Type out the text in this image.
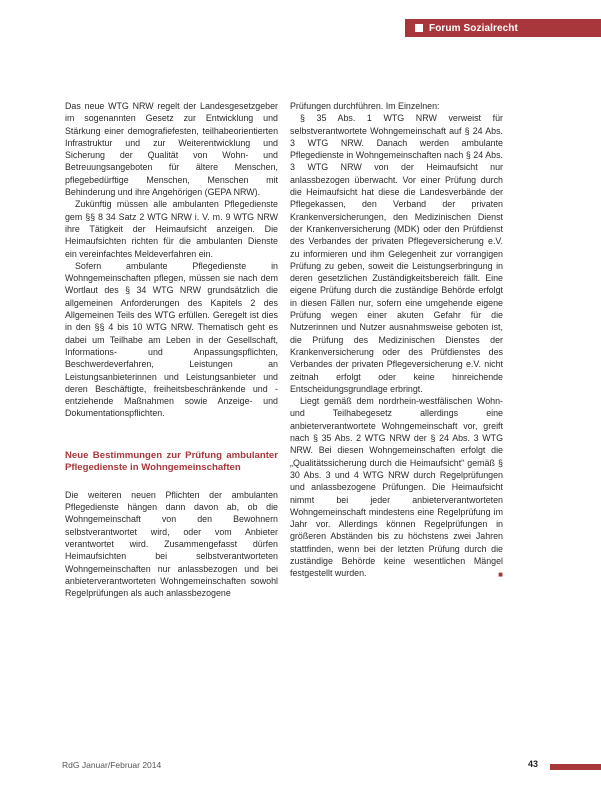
Forum Sozialrecht

Das neue WTG NRW regelt der Landesgesetzgeber im sogenannten Gesetz zur Entwicklung und Stärkung einer demografiefesten, teilhabeorientierten Infrastruktur und zur Weiterentwicklung und Sicherung der Qualität von Wohn- und Betreuungsangeboten für ältere Menschen, pflegebedürftige Menschen, Menschen mit Behinderung und ihre Angehörigen (GEPA NRW).

Zukünftig müssen alle ambulanten Pflegedienste gem §§ 8 34 Satz 2 WTG NRW i. V. m. 9 WTG NRW ihre Tätigkeit der Heimaufsicht anzeigen. Die Heimaufsichten richten für die ambulanten Dienste ein vereinfachtes Meldeverfahren ein.

Sofern ambulante Pflegedienste in Wohngemeinschaften pflegen, müssen sie nach dem Wortlaut des § 34 WTG NRW grundsätzlich die allgemeinen Anforderungen des Kapitels 2 des Allgemeinen Teils des WTG erfüllen. Geregelt ist dies in den §§ 4 bis 10 WTG NRW. Thematisch geht es dabei um Teilhabe am Leben in der Gesellschaft, Informations- und Anpassungspflichten, Beschwerdeverfahren, Leistungen an Leistungsanbieterinnen und Leistungsanbieter und deren Beschäftigte, freiheitsbeschränkende und -entziehende Maßnahmen sowie Anzeige- und Dokumentationspflichten.

Neue Bestimmungen zur Prüfung ambulanter Pflegedienste in Wohngemeinschaften

Die weiteren neuen Pflichten der ambulanten Pflegedienste hängen dann davon ab, ob die Wohngemeinschaft von den Bewohnern selbstverantwortet wird, oder vom Anbieter verantwortet wird. Zusammengefasst dürfen Heimaufsichten bei selbstverantworteten Wohngemeinschaften nur anlassbezogen und bei anbieterverantworteten Wohngemeinschaften sowohl Regelprüfungen als auch anlassbezogene

Prüfungen durchführen. Im Einzelnen:

§ 35 Abs. 1 WTG NRW verweist für selbstverantwortete Wohngemeinschaft auf § 24 Abs. 3 WTG NRW. Danach werden ambulante Pflegedienste in Wohngemeinschaften nach § 24 Abs. 3 WTG NRW von der Heimaufsicht nur anlassbezogen überwacht. Vor einer Prüfung durch die Heimaufsicht hat diese die Landesverbände der Pflegekassen, den Verband der privaten Krankenversicherungen, den Medizinischen Dienst der Krankenversicherung (MDK) oder den Prüfdienst des Verbandes der privaten Pflegeversicherung e.V. zu informieren und ihm Gelegenheit zur vorrangigen Prüfung zu geben, soweit die Leistungserbringung in deren gesetzlichen Zuständigkeitsbereich fällt. Eine eigene Prüfung durch die zuständige Behörde erfolgt in diesen Fällen nur, sofern eine umgehende eigene Prüfung wegen einer akuten Gefahr für die Nutzerinnen und Nutzer ausnahmsweise geboten ist, die Prüfung des Medizinischen Dienstes der Krankenversicherung oder des Prüfdienstes des Verbandes der privaten Pflegeversicherung e.V. nicht zeitnah erfolgt oder keine hinreichende Entscheidungsgrundlage erbringt.

Liegt gemäß dem nordrhein-westfälischen Wohn- und Teilhabegesetz allerdings eine anbieterverantwortete Wohngemeinschaft vor, greift nach § 35 Abs. 2 WTG NRW der § 24 Abs. 3 WTG NRW. Bei diesen Wohngemeinschaften erfolgt die „Qualitätssicherung durch die Heimaufsicht“ gemäß § 30 Abs. 3 und 4 WTG NRW durch Regelprüfungen und anlassbezogene Prüfungen. Die Heimaufsicht nimmt bei jeder anbieterverantworteten Wohngemeinschaft mindestens eine Regelprüfung im Jahr vor. Allerdings können Regelprüfungen in größeren Abständen bis zu höchstens zwei Jahren stattfinden, wenn bei der letzten Prüfung durch die zuständige Behörde keine wesentlichen Mängel festgestellt wurden.	■

RdG Januar/Februar 2014	43
